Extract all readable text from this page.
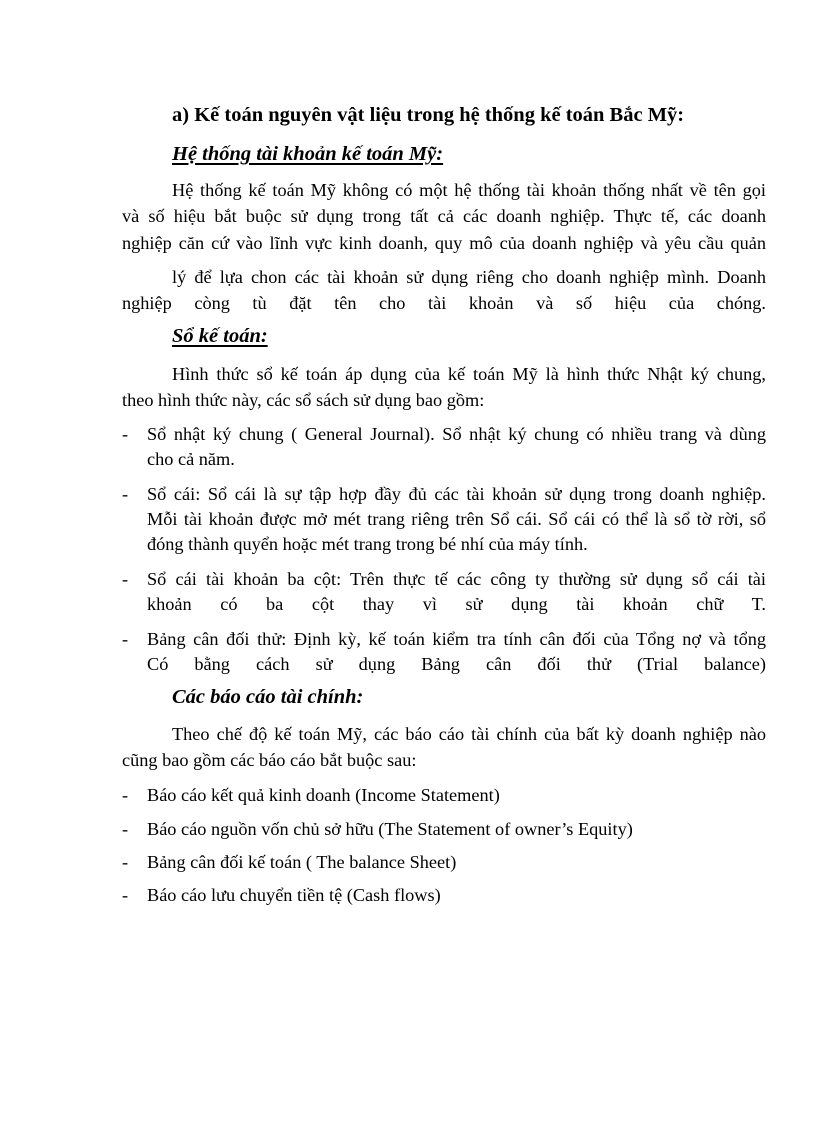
a) Kế toán nguyên vật liệu trong hệ thống kế toán Bắc Mỹ:
Hệ thống tài khoản kế toán Mỹ:
Hệ thống kế toán Mỹ không có một hệ thống tài khoản thống nhất về tên gọi
và số hiệu bắt buộc sử dụng trong tất cả các doanh nghiệp. Thực tế, các doanh
nghiệp căn cứ vào lĩnh vực kinh doanh, quy mô của doanh nghiệp và yêu cầu quản
lý để lựa chon các tài khoản sử dụng riêng cho doanh nghiệp mình. Doanh
nghiệp còng tù đặt tên cho tài khoản và số hiệu của chóng.
Sổ kế toán:
Hình thức sổ kế toán áp dụng của kế toán Mỹ là hình thức Nhật ký chung,
theo hình thức này, các sổ sách sử dụng bao gồm:
- Sổ nhật ký chung ( General Journal). Sổ nhật ký chung có nhiều trang và dùng
cho cả năm.
- Sổ cái: Sổ cái là sự tập hợp đầy đủ các tài khoản sử dụng trong doanh nghiệp.
Mỗi tài khoản được mở mét trang riêng trên Sổ cái. Sổ cái có thể là sổ tờ rời, sổ
đóng thành quyển hoặc mét trang trong bé nhí của máy tính.
- Sổ cái tài khoản ba cột: Trên thực tế các công ty thường sử dụng sổ cái tài
khoản có ba cột thay vì sử dụng tài khoản chữ T.
- Bảng cân đối thử: Định kỳ, kế toán kiểm tra tính cân đối của Tổng nợ và tổng
Có bằng cách sử dụng Bảng cân đối thử (Trial balance)
Các báo cáo tài chính:
Theo chế độ kế toán Mỹ, các báo cáo tài chính của bất kỳ doanh nghiệp nào
cũng bao gồm các báo cáo bắt buộc sau:
- Báo cáo kết quả kinh doanh (Income Statement)
- Báo cáo nguồn vốn chủ sở hữu (The Statement of owner’s Equity)
- Bảng cân đối kế toán ( The balance Sheet)
- Báo cáo lưu chuyển tiền tệ (Cash flows)
